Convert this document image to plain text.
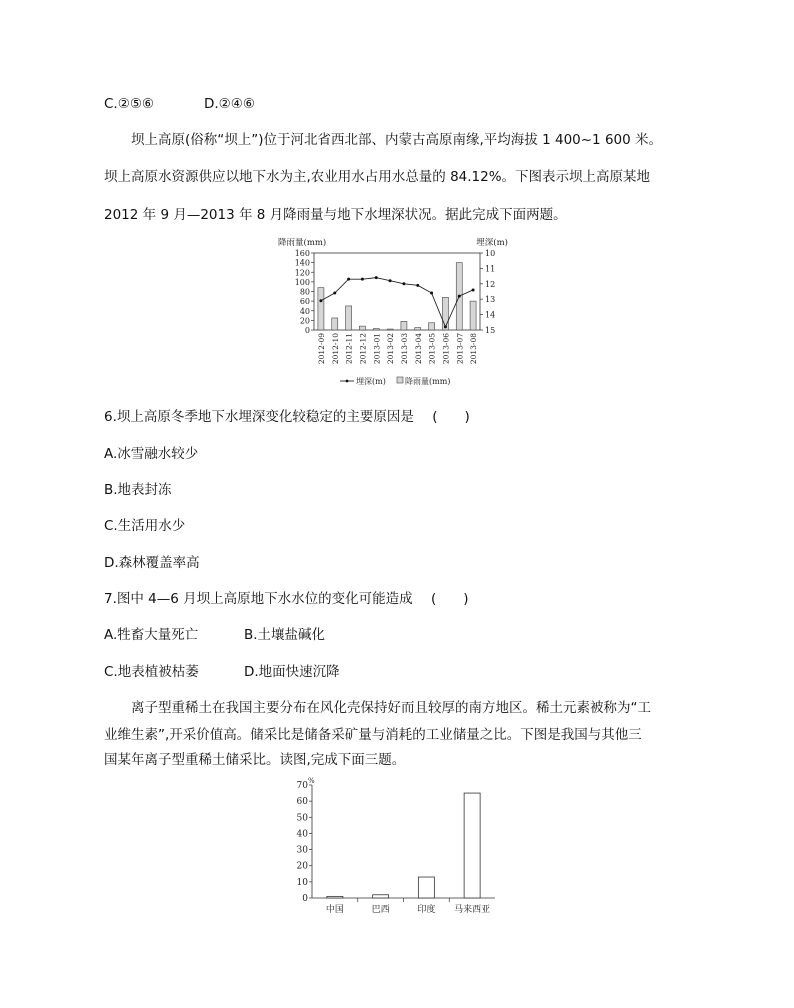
C.②⑤⑥	D.②④⑥
坝上高原(俗称“坝上”)位于河北省西北部、内蒙古高原南缘,平均海拔 1 400~1 600 米。
坝上高原水资源供应以地下水为主,农业用水占用水总量的 84.12%。下图表示坝上高原某地
2012 年 9 月—2013 年 8 月降雨量与地下水埋深状况。据此完成下面两题。
降雨量(mm)	埋深(m)
160
140
120
100
80
60
40
20
0
10
11
12
13
14
15
2012-09 2012-10 2012-11 2012-12 2013-01 2013-02 2013-03 2013-04 2013-05 2013-06 2013-07 2013-08
埋深(m) 降雨量(mm)
6.坝上高原冬季地下水埋深变化较稳定的主要原因是 (　　)
A.冰雪融水较少
B.地表封冻
C.生活用水少
D.森林覆盖率高
7.图中 4—6 月坝上高原地下水水位的变化可能造成 (　　)
A.牲畜大量死亡	B.土壤盐碱化
C.地表植被枯萎	D.地面快速沉降
离子型重稀土在我国主要分布在风化壳保持好而且较厚的南方地区。稀土元素被称为“工
业维生素”,开采价值高。储采比是储备采矿量与消耗的工业储量之比。下图是我国与其他三
国某年离子型重稀土储采比。读图,完成下面三题。
%
70
60
50
40
30
20
10
0
中国	巴西	印度 马来西亚
